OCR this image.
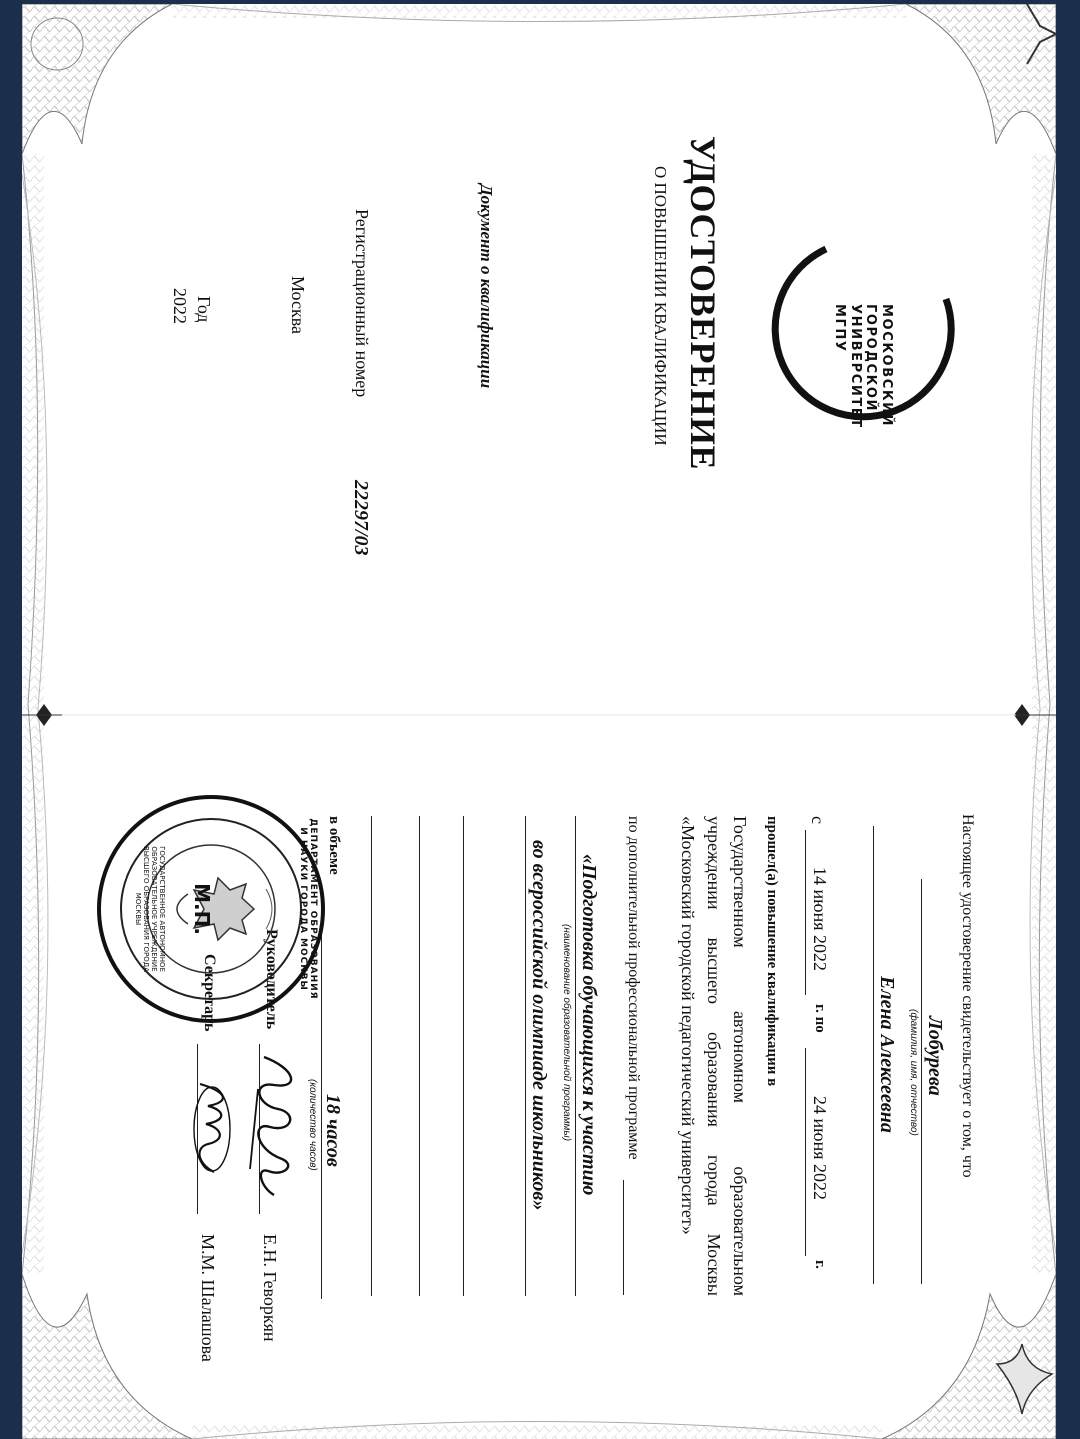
МОСКОВСКИЙ
ГОРОДСКОЙ
УНИВЕРСИТЕТ
МГПУ
УДОСТОВЕРЕНИЕ
О ПОВЫШЕНИИ КВАЛИФИКАЦИИ
Документ о квалификации
Регистрационный номер
22297/03
Москва
Год
2022
Настоящее удостоверение свидетельствует о том, что
Лобурева
(фамилия, имя, отчество)
Елена Алексеевна
с
14 июня 2022
г. по
24 июня 2022
г.
прошел(а) повышение квалификации в
Государственном
автономном
образовательном
учреждении
высшего
образования
города
Москвы
«Московский городской педагогический университет»
по дополнительной профессиональной программе
«Подготовка обучающихся к участию
(наименование образовательной программы)
во всероссийской олимпиаде школьников»
в объеме
18 часов
(количество часов)
Руководитель
Е.Н. Геворкян
Секретарь
М.М. Шалашова
М.П.	ДЕПАРТАМЕНТ ОБРАЗОВАНИЯ И НАУКИ ГОРОДА МОСКВЫ
ГОСУДАРСТВЕННОЕ АВТОНОМНОЕ ОБРАЗОВАТЕЛЬНОЕ УЧРЕЖДЕНИЕ ВЫСШЕГО ОБРАЗОВАНИЯ ГОРОДА МОСКВЫ
